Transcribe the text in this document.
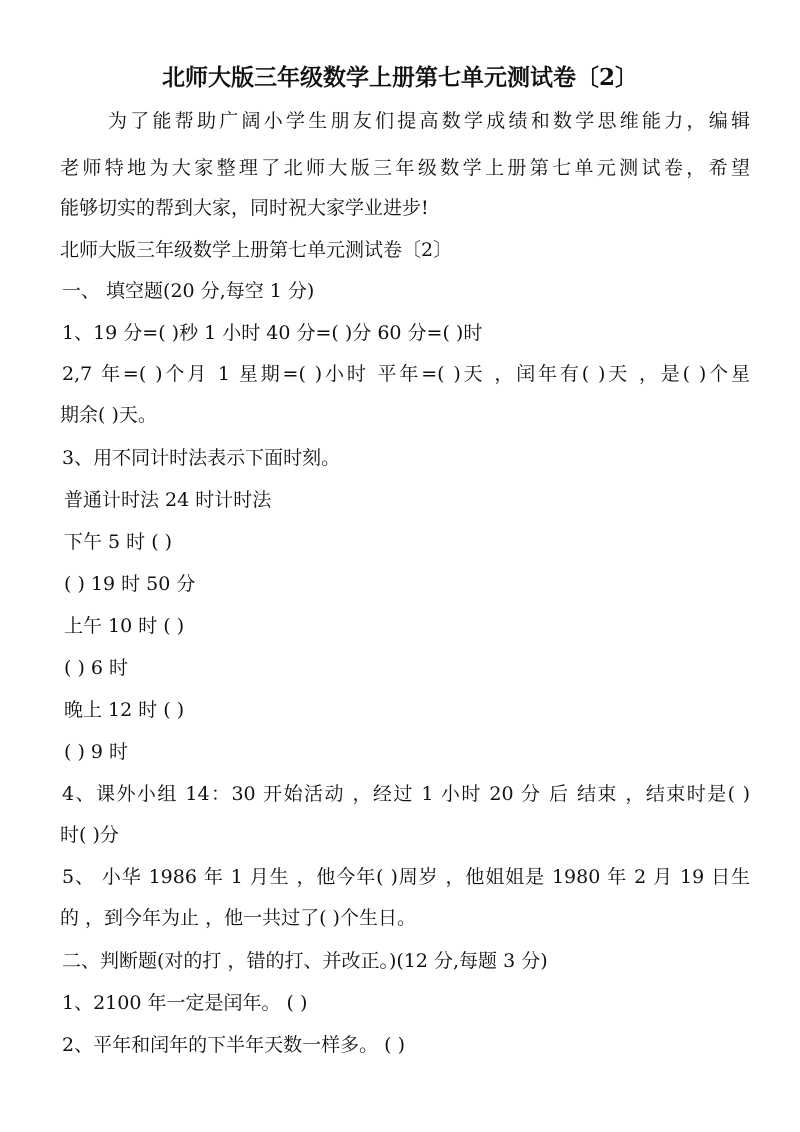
北师大版三年级数学上册第七单元测试卷〔2〕
为了能帮助广阔小学生朋友们提高数学成绩和数学思维能力，编辑
老师特地为大家整理了北师大版三年级数学上册第七单元测试卷，希望
能够切实的帮到大家，同时祝大家学业进步!
北师大版三年级数学上册第七单元测试卷〔2〕
一、 填空题(20 分,每空 1 分)
1、19 分=( )秒 1 小时 40 分=( )分 60 分=( )时
2,7 年=( )个月 1 星期=( )小时 平年=( )天 ，闰年有( )天 ，是( )个星
期余( )天。
3、用不同计时法表示下面时刻。
普通计时法 24 时计时法
下午 5 时 ( )
( ) 19 时 50 分
上午 10 时 ( )
( ) 6 时
晚上 12 时 ( )
( ) 9 时
4、课外小组 14：30 开始活动 ，经过 1 小时 20 分 后 结束 ，结束时是( )
时( )分
5、 小华 1986 年 1 月生 ，他今年( )周岁 ，他姐姐是 1980 年 2 月 19 日生
的 ，到今年为止 ，他一共过了( )个生日。
二、判断题(对的打 ，错的打、并改正。)(12 分,每题 3 分)
1、2100 年一定是闰年。 ( )
2、平年和闰年的下半年天数一样多。 ( )
